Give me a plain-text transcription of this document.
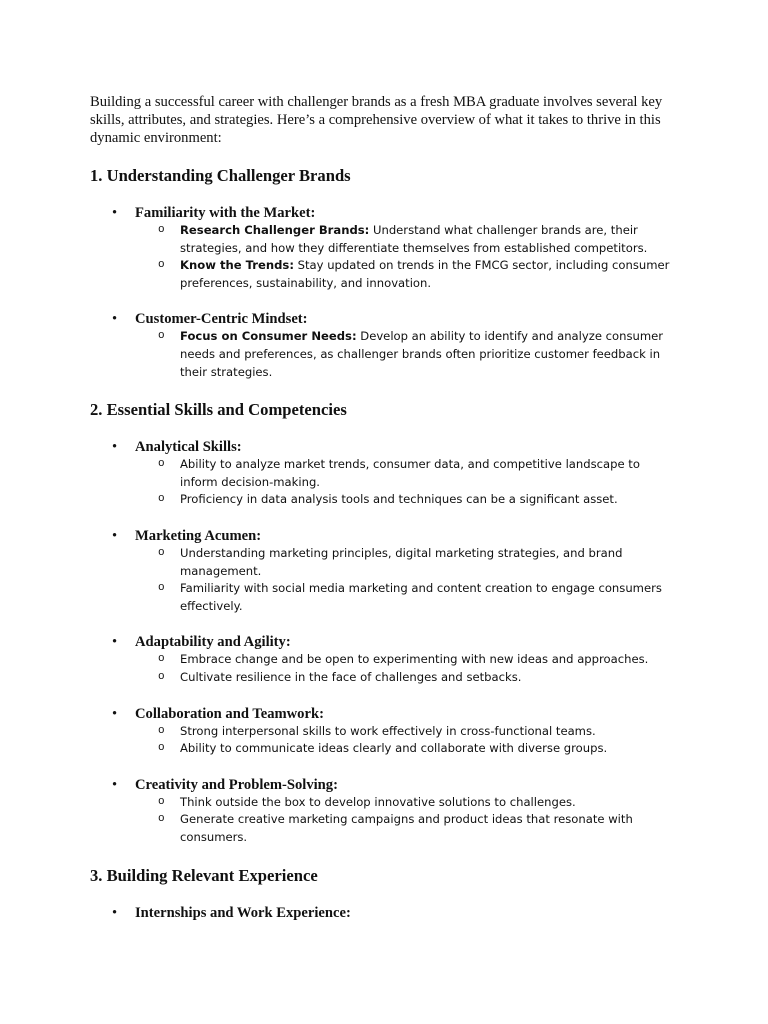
Building a successful career with challenger brands as a fresh MBA graduate involves several key skills, attributes, and strategies. Here’s a comprehensive overview of what it takes to thrive in this dynamic environment:

1. Understanding Challenger Brands
• Familiarity with the Market:
o Research Challenger Brands: Understand what challenger brands are, their strategies, and how they differentiate themselves from established competitors.
o Know the Trends: Stay updated on trends in the FMCG sector, including consumer preferences, sustainability, and innovation.
• Customer-Centric Mindset:
o Focus on Consumer Needs: Develop an ability to identify and analyze consumer needs and preferences, as challenger brands often prioritize customer feedback in their strategies.
2. Essential Skills and Competencies
• Analytical Skills:
o Ability to analyze market trends, consumer data, and competitive landscape to inform decision-making.
o Proficiency in data analysis tools and techniques can be a significant asset.
• Marketing Acumen:
o Understanding marketing principles, digital marketing strategies, and brand management.
o Familiarity with social media marketing and content creation to engage consumers effectively.
• Adaptability and Agility:
o Embrace change and be open to experimenting with new ideas and approaches.
o Cultivate resilience in the face of challenges and setbacks.
• Collaboration and Teamwork:
o Strong interpersonal skills to work effectively in cross-functional teams.
o Ability to communicate ideas clearly and collaborate with diverse groups.
• Creativity and Problem-Solving:
o Think outside the box to develop innovative solutions to challenges.
o Generate creative marketing campaigns and product ideas that resonate with consumers.
3. Building Relevant Experience
• Internships and Work Experience:
